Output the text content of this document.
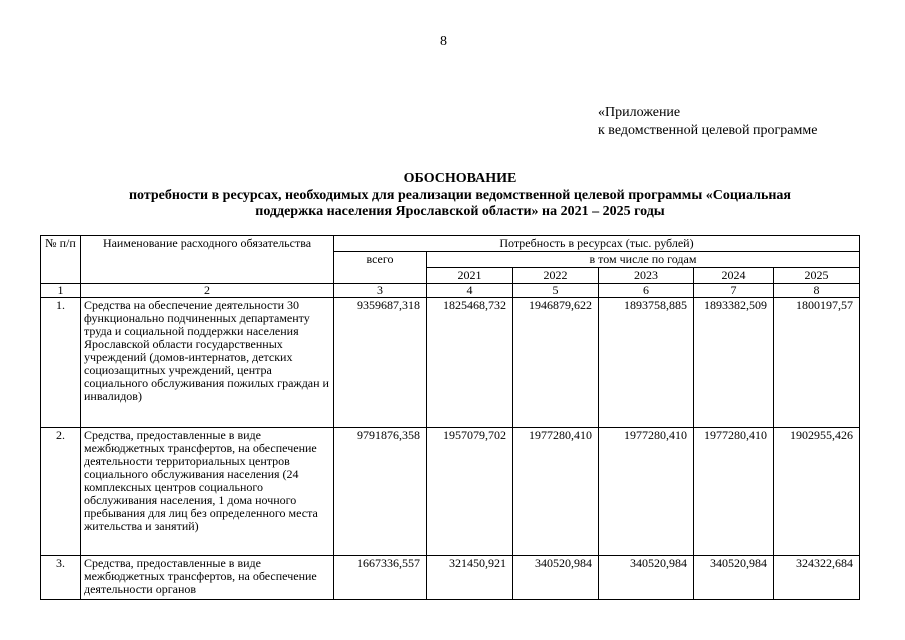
8
«Приложение
к ведомственной целевой программе
ОБОСНОВАНИЕ
потребности в ресурсах, необходимых для реализации ведомственной целевой программы «Социальная
поддержка населения Ярославской области» на 2021 – 2025 годы
№ п/п	Наименование расходного обязательства	Потребность в ресурсах (тыс. рублей)					
		всего	в том числе по годам				
			2021	2022	2023	2024	2025
1	2	3	4	5	6	7	8
1.	Средства на обеспечение деятельности 30 функционально подчиненных департаменту труда и социальной поддержки населения Ярославской области государственных учреждений (домов-интернатов, детских социозащитных учреждений, центра социального обслуживания пожилых граждан и инвалидов)	9359687,318	1825468,732	1946879,622	1893758,885	1893382,509	1800197,57
2.	Средства, предоставленные в виде межбюджетных трансфертов, на обеспечение деятельности территориальных центров социального обслуживания населения (24 комплексных центров социального обслуживания населения, 1 дома ночного пребывания для лиц без определенного места жительства и занятий)	9791876,358	1957079,702	1977280,410	1977280,410	1977280,410	1902955,426
3.	Средства, предоставленные в виде межбюджетных трансфертов, на обеспечение деятельности органов	1667336,557	321450,921	340520,984	340520,984	340520,984	324322,684
